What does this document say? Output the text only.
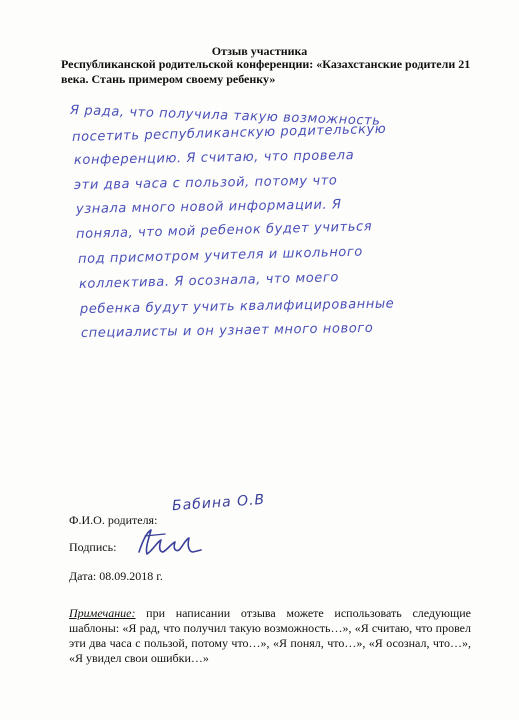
Отзыв участника
Республиканской родительской конференции: «Казахстанские родители 21 века. Стань примером своему ребенку»
Я рада, что получила такую возможность
посетить республиканскую родительскую
конференцию. Я считаю, что провела
эти два часа с пользой, потому что
узнала много новой информации. Я
поняла, что мой ребенок будет учиться
под присмотром учителя и школьного
коллектива. Я осознала, что моего
ребенка будут учить квалифицированные
специалисты и он узнает много нового
Ф.И.О. родителя:
Бабина О.В
Подпись:
Дата: 08.09.2018 г.
Примечание: при написании отзыва можете использовать следующие шаблоны: «Я рад, что получил такую возможность…», «Я считаю, что провел эти два часа с пользой, потому что…», «Я понял, что…», «Я осознал, что…», «Я увидел свои ошибки…»
